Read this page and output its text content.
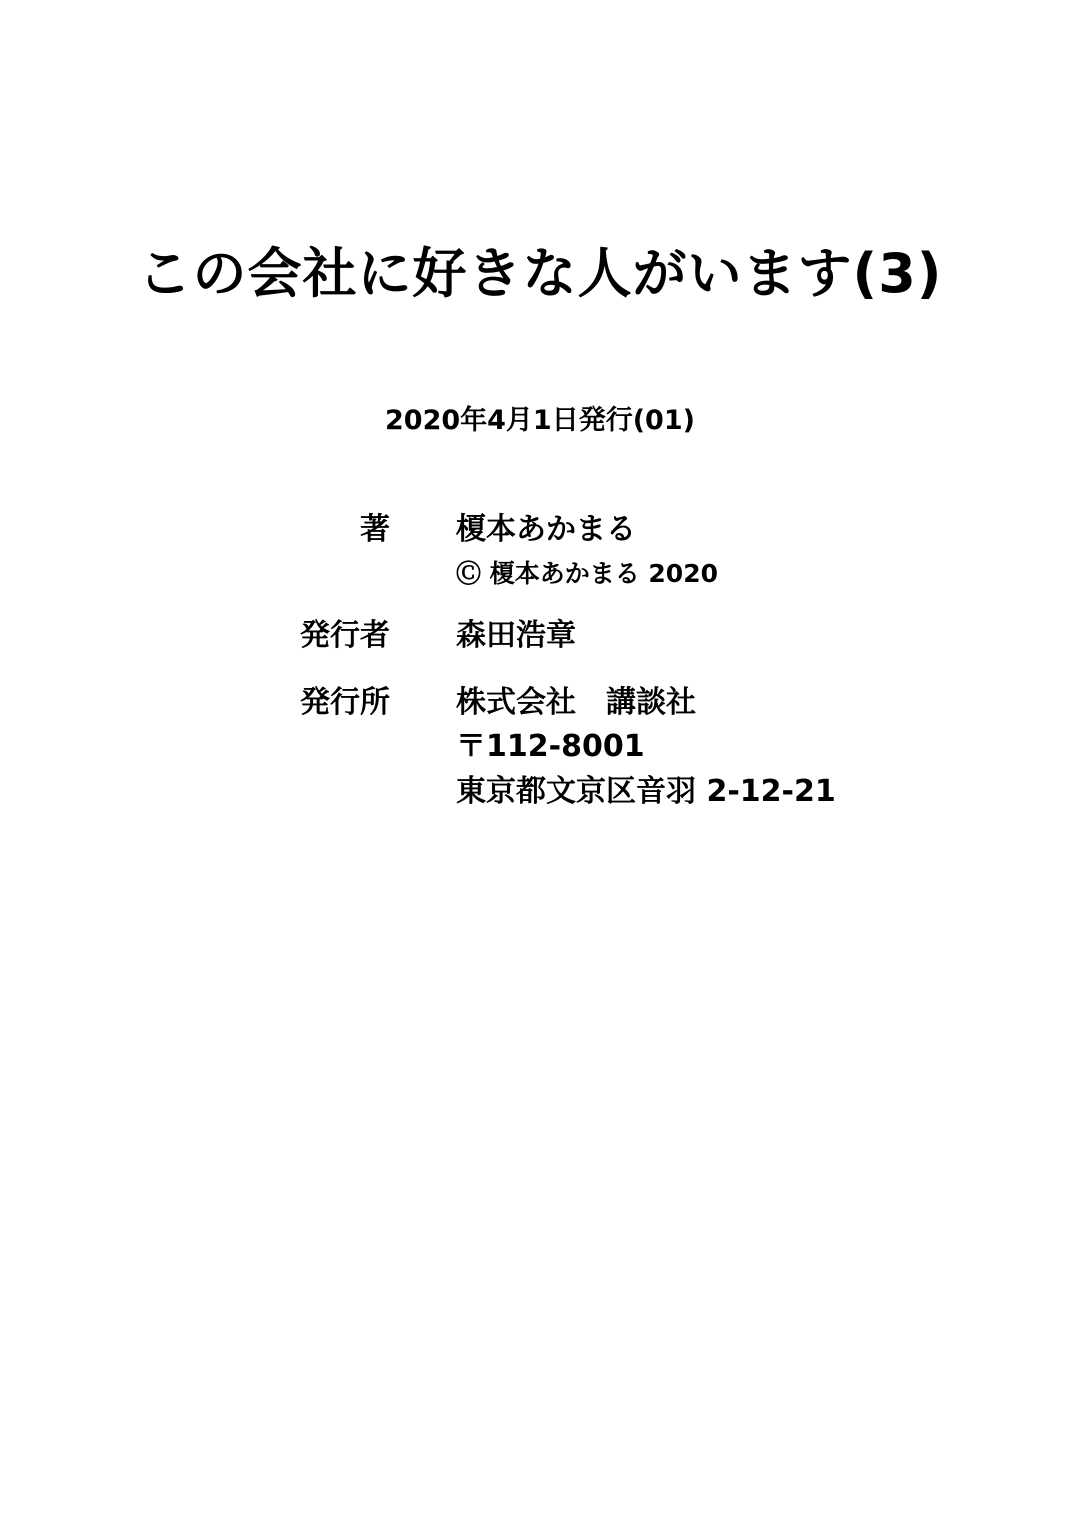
この会社に好きな人がいます(3)
2020年4月1日発行(01)
著 榎本あかまる
Ⓒ 榎本あかまる 2020
発行者 森田浩章
発行所 株式会社　講談社
〒112-8001
東京都文京区音羽 2-12-21
